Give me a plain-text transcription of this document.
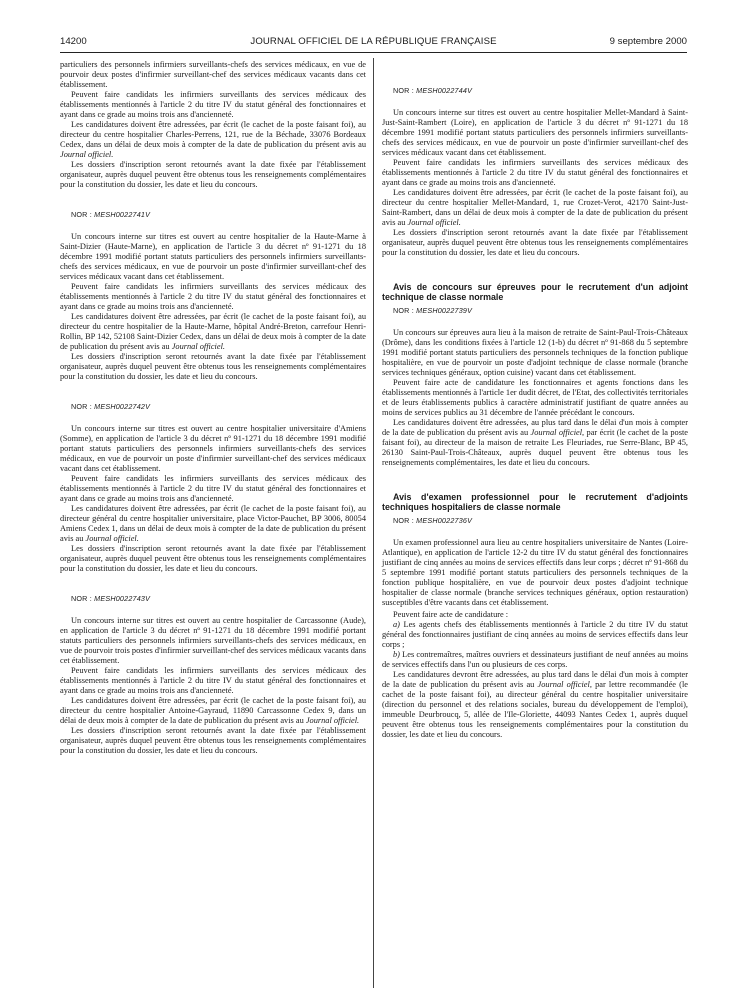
14200	JOURNAL OFFICIEL DE LA RÉPUBLIQUE FRANÇAISE	9 septembre 2000

particuliers des personnels infirmiers surveillants-chefs des services médicaux, en vue de pourvoir deux postes d'infirmier surveillant-chef des services médicaux vacants dans cet établissement.

Peuvent faire candidats les infirmiers surveillants des services médicaux des établissements mentionnés à l'article 2 du titre IV du statut général des fonctionnaires et ayant dans ce grade au moins trois ans d'ancienneté.

Les candidatures doivent être adressées, par écrit (le cachet de la poste faisant foi), au directeur du centre hospitalier Charles-Perrens, 121, rue de la Béchade, 33076 Bordeaux Cedex, dans un délai de deux mois à compter de la date de publication du présent avis au Journal officiel.

Les dossiers d'inscription seront retournés avant la date fixée par l'établissement organisateur, auprès duquel peuvent être obtenus tous les renseignements complémentaires pour la constitution du dossier, les date et lieu du concours.

NOR : MESH0022741V

Un concours interne sur titres est ouvert au centre hospitalier de la Haute-Marne à Saint-Dizier (Haute-Marne), en application de l'article 3 du décret nº 91-1271 du 18 décembre 1991 modifié portant statuts particuliers des personnels infirmiers surveillants-chefs des services médicaux, en vue de pourvoir un poste d'infirmier surveillant-chef des services médicaux vacant dans cet établissement.

Peuvent faire candidats les infirmiers surveillants des services médicaux des établissements mentionnés à l'article 2 du titre IV du statut général des fonctionnaires et ayant dans ce grade au moins trois ans d'ancienneté.

Les candidatures doivent être adressées, par écrit (le cachet de la poste faisant foi), au directeur du centre hospitalier de la Haute-Marne, hôpital André-Breton, carrefour Henri-Rollin, BP 142, 52108 Saint-Dizier Cedex, dans un délai de deux mois à compter de la date de publication du présent avis au Journal officiel.

Les dossiers d'inscription seront retournés avant la date fixée par l'établissement organisateur, auprès duquel peuvent être obtenus tous les renseignements complémentaires pour la constitution du dossier, les date et lieu du concours.

NOR : MESH0022742V

Un concours interne sur titres est ouvert au centre hospitalier universitaire d'Amiens (Somme), en application de l'article 3 du décret nº 91-1271 du 18 décembre 1991 modifié portant statuts particuliers des personnels infirmiers surveillants-chefs des services médicaux, en vue de pourvoir un poste d'infirmier surveillant-chef des services médicaux vacant dans cet établissement.

Peuvent faire candidats les infirmiers surveillants des services médicaux des établissements mentionnés à l'article 2 du titre IV du statut général des fonctionnaires et ayant dans ce grade au moins trois ans d'ancienneté.

Les candidatures doivent être adressées, par écrit (le cachet de la poste faisant foi), au directeur général du centre hospitalier universitaire, place Victor-Pauchet, BP 3006, 80054 Amiens Cedex 1, dans un délai de deux mois à compter de la date de publication du présent avis au Journal officiel.

Les dossiers d'inscription seront retournés avant la date fixée par l'établissement organisateur, auprès duquel peuvent être obtenus tous les renseignements complémentaires pour la constitution du dossier, les date et lieu du concours.

NOR : MESH0022743V

Un concours interne sur titres est ouvert au centre hospitalier de Carcassonne (Aude), en application de l'article 3 du décret nº 91-1271 du 18 décembre 1991 modifié portant statuts particuliers des personnels infirmiers surveillants-chefs des services médicaux, en vue de pourvoir trois postes d'infirmier surveillant-chef des services médicaux vacants dans cet établissement.

Peuvent faire candidats les infirmiers surveillants des services médicaux des établissements mentionnés à l'article 2 du titre IV du statut général des fonctionnaires et ayant dans ce grade au moins trois ans d'ancienneté.

Les candidatures doivent être adressées, par écrit (le cachet de la poste faisant foi), au directeur du centre hospitalier Antoine-Gayraud, 11890 Carcassonne Cedex 9, dans un délai de deux mois à compter de la date de publication du présent avis au Journal officiel.

Les dossiers d'inscription seront retournés avant la date fixée par l'établissement organisateur, auprès duquel peuvent être obtenus tous les renseignements complémentaires pour la constitution du dossier, les date et lieu du concours.

NOR : MESH0022744V

Un concours interne sur titres est ouvert au centre hospitalier Mellet-Mandard à Saint-Just-Saint-Rambert (Loire), en application de l'article 3 du décret nº 91-1271 du 18 décembre 1991 modifié portant statuts particuliers des personnels infirmiers surveillants-chefs des services médicaux, en vue de pourvoir un poste d'infirmier surveillant-chef des services médicaux vacant dans cet établissement.

Peuvent faire candidats les infirmiers surveillants des services médicaux des établissements mentionnés à l'article 2 du titre IV du statut général des fonctionnaires et ayant dans ce grade au moins trois ans d'ancienneté.

Les candidatures doivent être adressées, par écrit (le cachet de la poste faisant foi), au directeur du centre hospitalier Mellet-Mandard, 1, rue Crozet-Verot, 42170 Saint-Just-Saint-Rambert, dans un délai de deux mois à compter de la date de publication du présent avis au Journal officiel.

Les dossiers d'inscription seront retournés avant la date fixée par l'établissement organisateur, auprès duquel peuvent être obtenus tous les renseignements complémentaires pour la constitution du dossier, les date et lieu du concours.

Avis de concours sur épreuves pour le recrutement d'un adjoint technique de classe normale

NOR : MESH0022739V

Un concours sur épreuves aura lieu à la maison de retraite de Saint-Paul-Trois-Châteaux (Drôme), dans les conditions fixées à l'article 12 (1-b) du décret nº 91-868 du 5 septembre 1991 modifié portant statuts particuliers des personnels techniques de la fonction publique hospitalière, en vue de pourvoir un poste d'adjoint technique de classe normale (branche services techniques généraux, option cuisine) vacant dans cet établissement.

Peuvent faire acte de candidature les fonctionnaires et agents fonctions dans les établissements mentionnés à l'article 1er dudit décret, de l'Etat, des collectivités territoriales et de leurs établissements publics à caractère administratif justifiant de quatre années au moins de services publics au 31 décembre de l'année précédant le concours.

Les candidatures doivent être adressées, au plus tard dans le délai d'un mois à compter de la date de publication du présent avis au Journal officiel, par écrit (le cachet de la poste faisant foi), au directeur de la maison de retraite Les Fleuriades, rue Serre-Blanc, BP 45, 26130 Saint-Paul-Trois-Châteaux, auprès duquel peuvent être obtenus tous les renseignements complémentaires, les date et lieu du concours.

Avis d'examen professionnel pour le recrutement d'adjoints techniques hospitaliers de classe normale

NOR : MESH0022736V

Un examen professionnel aura lieu au centre hospitaliers universitaire de Nantes (Loire-Atlantique), en application de l'article 12-2 du titre IV du statut général des fonctionnaires justifiant de cinq années au moins de services effectifs dans leur corps ; décret nº 91-868 du 5 septembre 1991 modifié portant statuts particuliers des personnels techniques de la fonction publique hospitalière, en vue de pourvoir deux postes d'adjoint technique hospitalier de classe normale (branche services techniques généraux, option restauration) susceptibles d'être vacants dans cet établissement.

Peuvent faire acte de candidature :

a) Les agents chefs des établissements mentionnés à l'article 2 du titre IV du statut général des fonctionnaires justifiant de cinq années au moins de services effectifs dans leur corps ;

b) Les contremaîtres, maîtres ouvriers et dessinateurs justifiant de neuf années au moins de services effectifs dans l'un ou plusieurs de ces corps.

Les candidatures devront être adressées, au plus tard dans le délai d'un mois à compter de la date de publication du présent avis au Journal officiel, par lettre recommandée (le cachet de la poste faisant foi), au directeur général du centre hospitalier universitaire (direction du personnel et des relations sociales, bureau du développement de l'emploi), immeuble Deurbroucq, 5, allée de l'Ile-Gloriette, 44093 Nantes Cedex 1, auprès duquel peuvent être obtenus tous les renseignements complémentaires pour la constitution du dossier, les date et lieu du concours.
